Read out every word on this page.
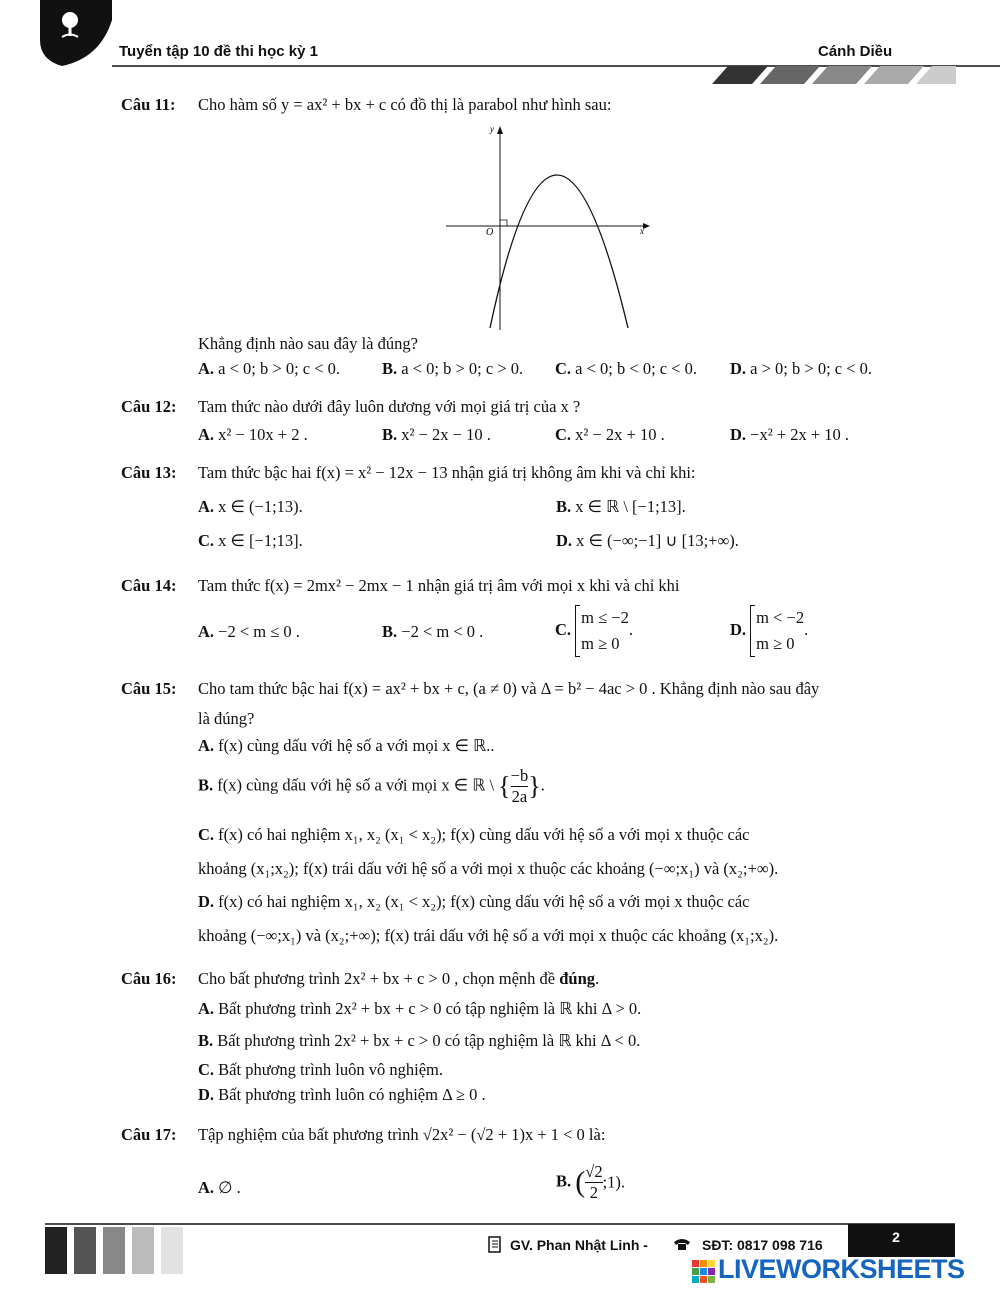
Tuyển tập 10 đề thi học kỳ 1	Cánh Diều
Câu 11: Cho hàm số y = ax² + bx + c có đồ thị là parabol như hình sau:
O	x
y
Khẳng định nào sau đây là đúng?
A. a < 0; b > 0; c < 0.	B. a < 0; b > 0; c > 0. C. a < 0; b < 0; c < 0. D. a > 0; b > 0; c < 0.
Câu 12: Tam thức nào dưới đây luôn dương với mọi giá trị của x ?
A. x² − 10x + 2 .	B. x² − 2x − 10 .	C. x² − 2x + 10 .	D. −x² + 2x + 10 .
Câu 13: Tam thức bậc hai f(x) = x² − 12x − 13 nhận giá trị không âm khi và chỉ khi:
A. x ∈ (−1;13).	B. x ∈ ℝ \ [−1;13].
C. x ∈ [−1;13].	D. x ∈ (−∞;−1] ∪ [13;+∞).
Câu 14: Tam thức f(x) = 2mx² − 2mx − 1 nhận giá trị âm với mọi x khi và chỉ khi
A. −2 < m ≤ 0 .	B. −2 < m < 0 .	C.
m ≤ −2
m ≥ 0
.	D.
m < −2
m ≥ 0
.
Câu 15: Cho tam thức bậc hai f(x) = ax² + bx + c, (a ≠ 0) và Δ = b² − 4ac > 0 . Khẳng định nào sau đây
là đúng?
A. f(x) cùng dấu với hệ số a với mọi x ∈ ℝ..
B. f(x) cùng dấu với hệ số a với mọi x ∈ ℝ \ { $\frac{-b}{2a}$ }.
C. f(x) có hai nghiệm x₁, x₂ (x₁ < x₂); f(x) cùng dấu với hệ số a với mọi x thuộc các
khoảng (x₁;x₂); f(x) trái dấu với hệ số a với mọi x thuộc các khoảng (−∞;x₁) và (x₂;+∞).
D. f(x) có hai nghiệm x₁, x₂ (x₁ < x₂); f(x) cùng dấu với hệ số a với mọi x thuộc các
khoảng (−∞;x₁) và (x₂;+∞); f(x) trái dấu với hệ số a với mọi x thuộc các khoảng (x₁;x₂).
Câu 16: Cho bất phương trình 2x² + bx + c > 0 , chọn mệnh đề đúng.
A. Bất phương trình 2x² + bx + c > 0 có tập nghiệm là ℝ khi Δ > 0.
B. Bất phương trình 2x² + bx + c > 0 có tập nghiệm là ℝ khi Δ < 0.
C. Bất phương trình luôn vô nghiệm.
D. Bất phương trình luôn có nghiệm Δ ≥ 0 .
Câu 17: Tập nghiệm của bất phương trình √2x² − (√2 + 1)x + 1 < 0 là:
A. ∅ .	B. ( $\frac{√2}{2}$ ;1).
GV. Phan Nhật Linh -	SĐT: 0817 098 716	2
LIVEWORKSHEETS
